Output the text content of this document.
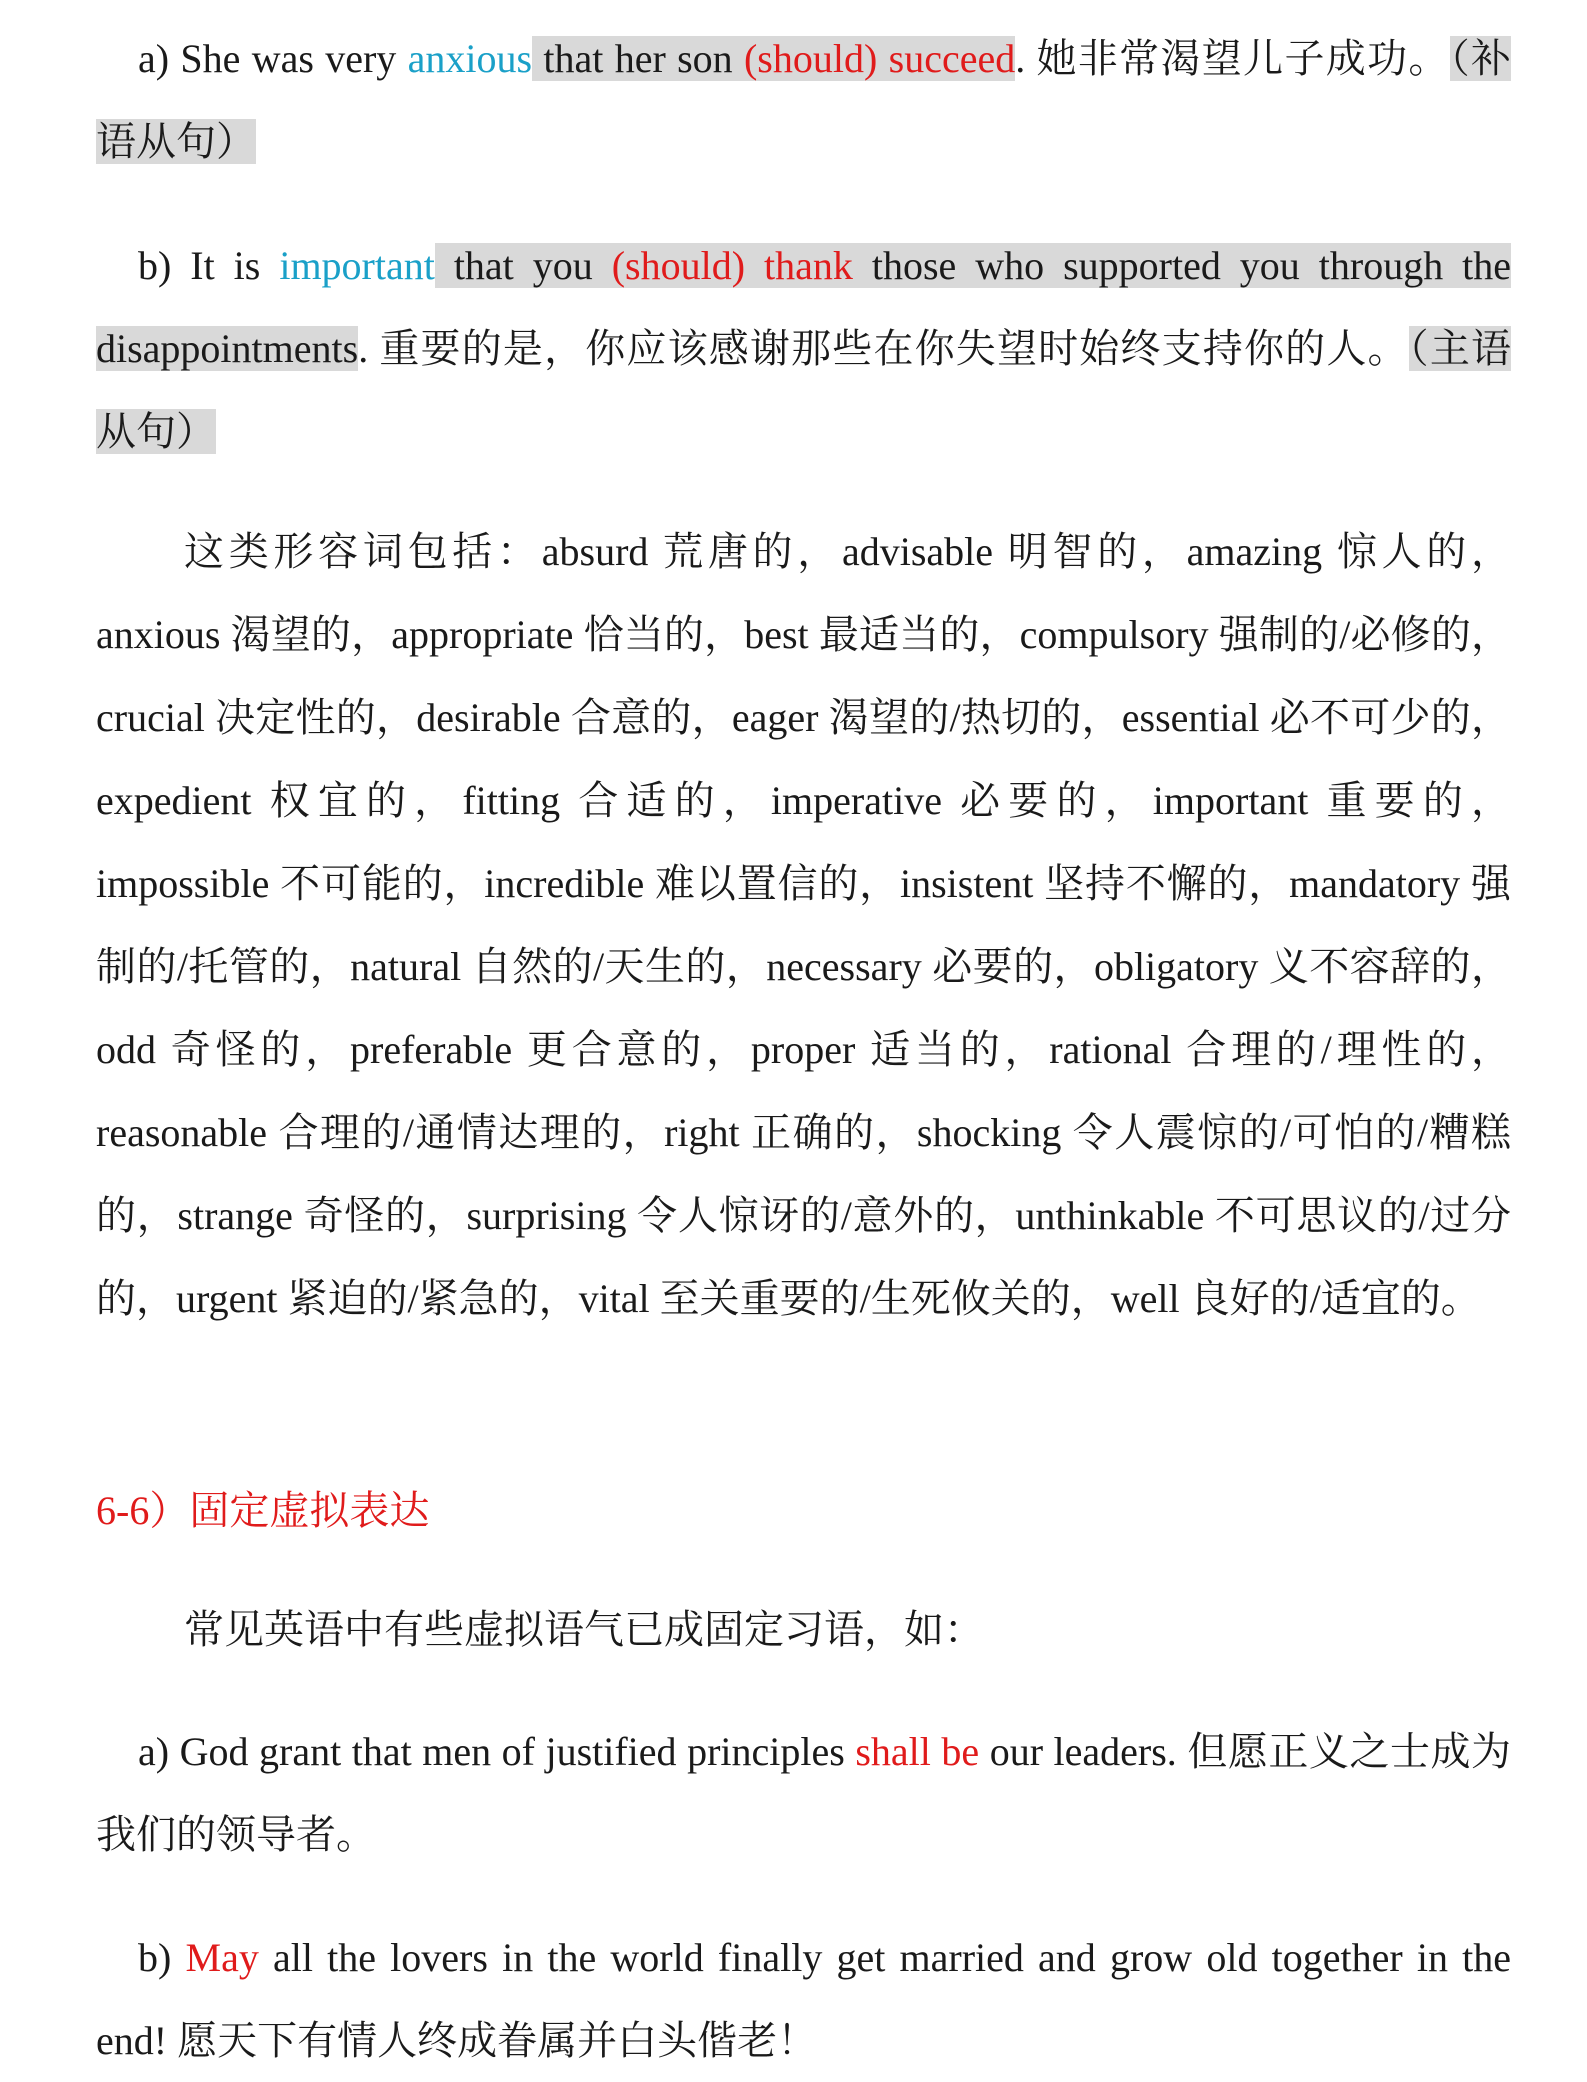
a) She was very anxious that her son (should) succeed. 她非常渴望儿子成功。（补语从句）

b) It is important that you (should) thank those who supported you through the disappointments. 重要的是，你应该感谢那些在你失望时始终支持你的人。（主语从句）

这类形容词包括：absurd 荒唐的，advisable 明智的，amazing 惊人的，anxious 渴望的，appropriate 恰当的，best 最适当的，compulsory 强制的/必修的，crucial 决定性的，desirable 合意的，eager 渴望的/热切的，essential 必不可少的，expedient 权宜的，fitting 合适的，imperative 必要的，important 重要的，impossible 不可能的，incredible 难以置信的，insistent 坚持不懈的，mandatory 强制的/托管的，natural 自然的/天生的，necessary 必要的，obligatory 义不容辞的，odd 奇怪的，preferable 更合意的，proper 适当的，rational 合理的/理性的，reasonable 合理的/通情达理的，right 正确的，shocking 令人震惊的/可怕的/糟糕的，strange 奇怪的，surprising 令人惊讶的/意外的，unthinkable 不可思议的/过分的，urgent 紧迫的/紧急的，vital 至关重要的/生死攸关的，well 良好的/适宜的。

6-6）固定虚拟表达

常见英语中有些虚拟语气已成固定习语，如：

a) God grant that men of justified principles shall be our leaders. 但愿正义之士成为我们的领导者。

b) May all the lovers in the world finally get married and grow old together in the end! 愿天下有情人终成眷属并白头偕老！
